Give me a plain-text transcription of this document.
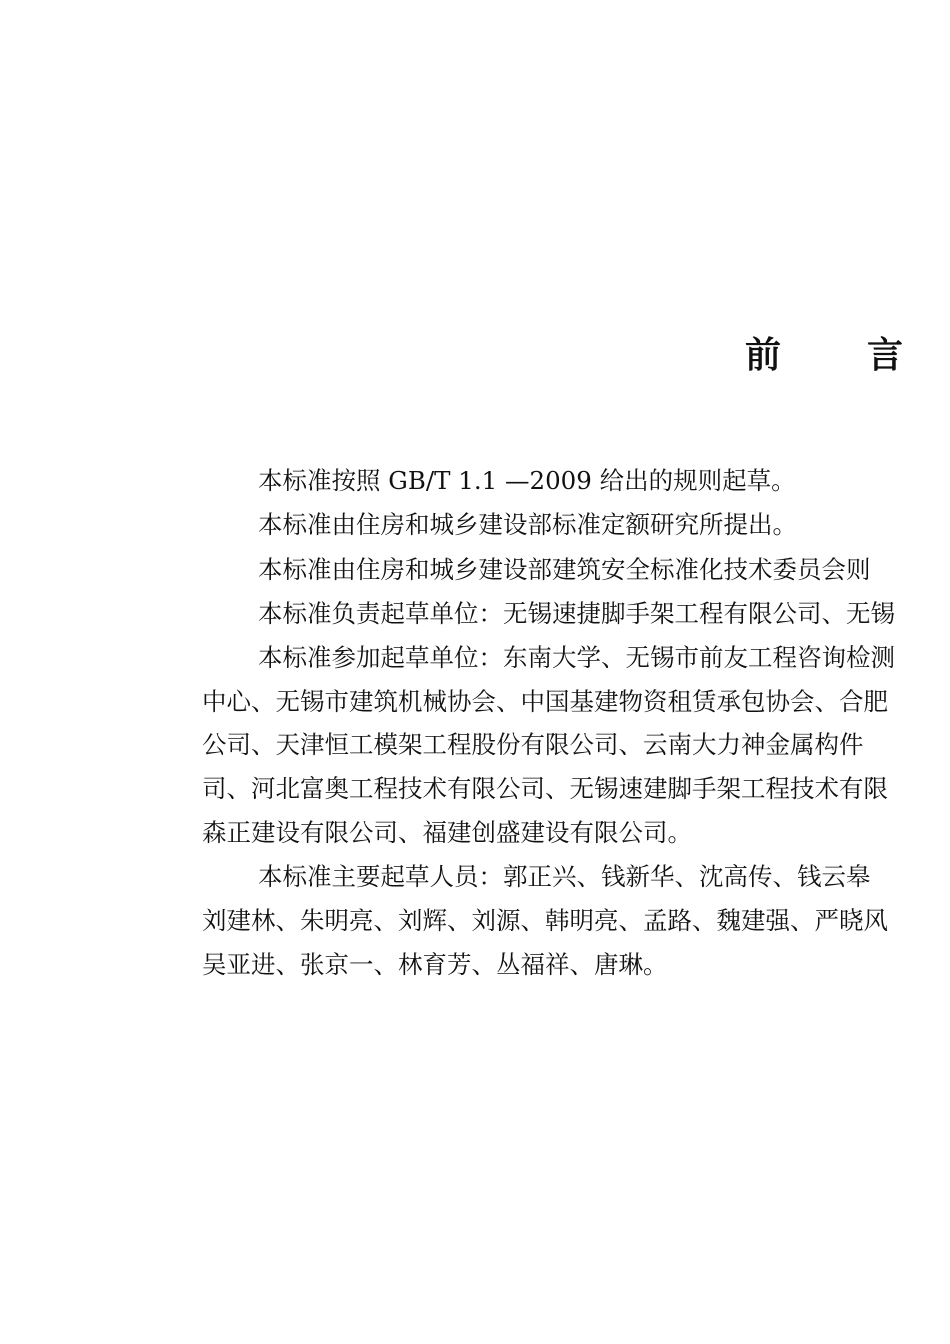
前 言
本标准按照 GB/T 1.1 —2009 给出的规则起草。
本标准由住房和城乡建设部标准定额研究所提出。
本标准由住房和城乡建设部建筑安全标准化技术委员会则
本标准负责起草单位：无锡速捷脚手架工程有限公司、无锡
本标准参加起草单位：东南大学、无锡市前友工程咨询检测
中心、无锡市建筑机械协会、中国基建物资租赁承包协会、合肥
公司、天津恒工模架工程股份有限公司、云南大力神金属构件
司、河北富奥工程技术有限公司、无锡速建脚手架工程技术有限
森正建设有限公司、福建创盛建设有限公司。
本标准主要起草人员：郭正兴、钱新华、沈高传、钱云皋
刘建林、朱明亮、刘辉、刘源、韩明亮、孟路、魏建强、严晓风
吴亚进、张京一、林育芳、丛福祥、唐琳。
